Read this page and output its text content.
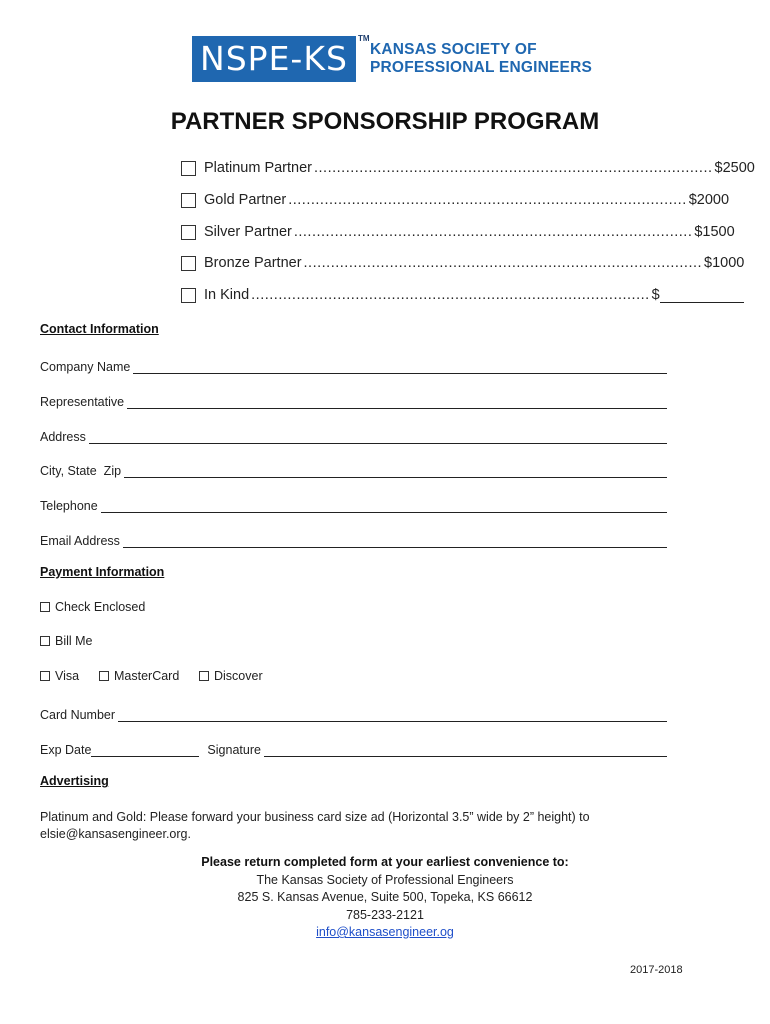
NSPE-KS
TM
KANSAS SOCIETY OF
PROFESSIONAL ENGINEERS
PARTNER SPONSORSHIP PROGRAM
Platinum Partner ........................................................................................ $2500
Gold Partner ........................................................................................ $2000
Silver Partner ........................................................................................ $1500
Bronze Partner ........................................................................................ $1000
In Kind ........................................................................................ $
Contact Information
Company Name
Representative
Address
City, State  Zip
Telephone
Email Address
Payment Information
Check Enclosed
Bill Me
Visa	MasterCard	Discover
Card Number
Exp Date	Signature
Advertising
Platinum and Gold: Please forward your business card size ad (Horizontal 3.5” wide by 2” height) to elsie@kansasengineer.org.
Please return completed form at your earliest convenience to:
The Kansas Society of Professional Engineers
825 S. Kansas Avenue, Suite 500, Topeka, KS 66612
785-233-2121
info@kansasengineer.og
2017-2018
